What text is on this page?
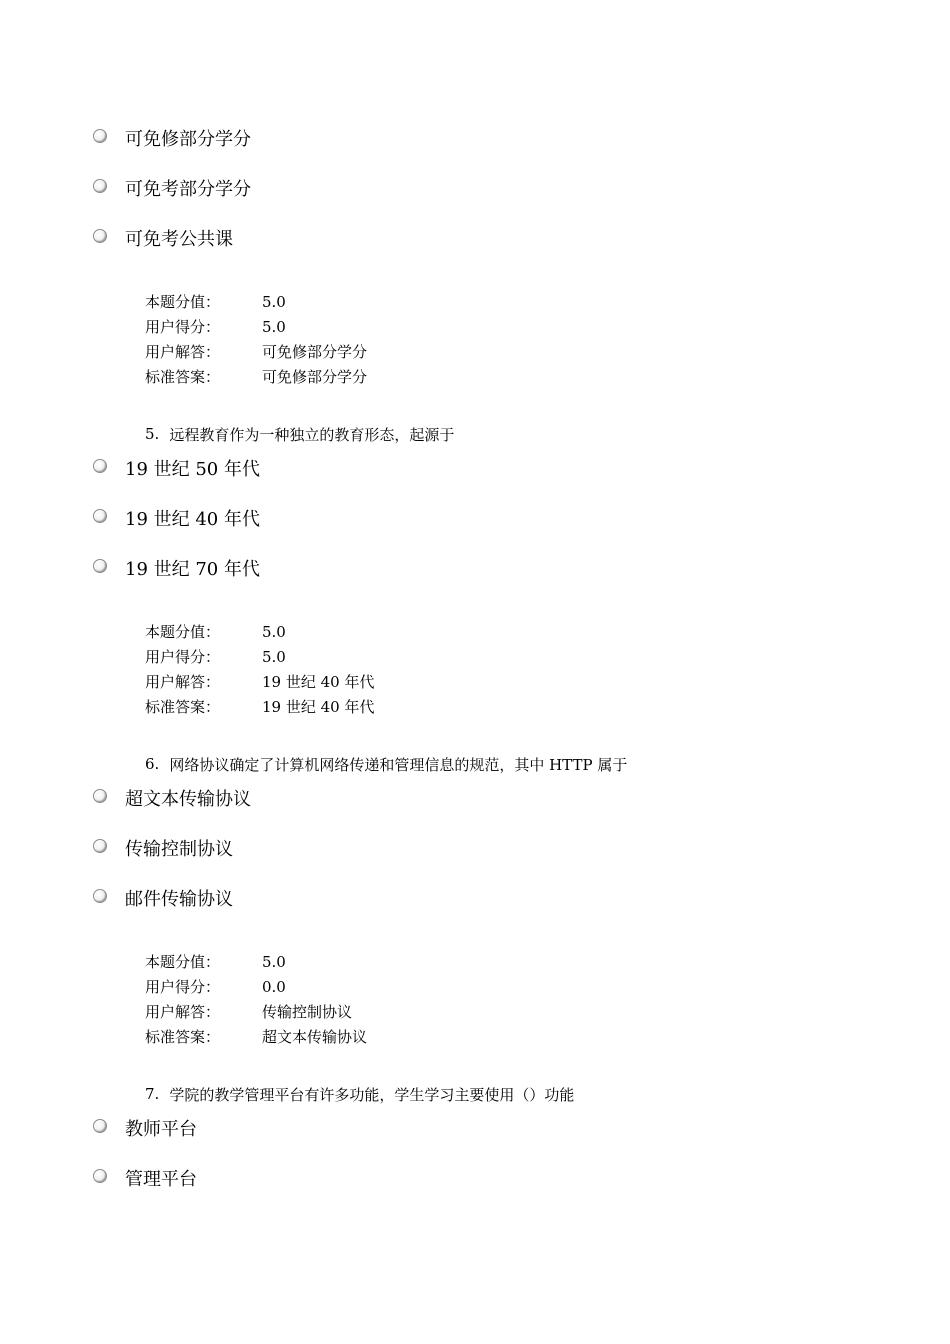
可免修部分学分
可免考部分学分
可免考公共课
本题分值：	5.0
用户得分：	5.0
用户解答：	可免修部分学分
标准答案：	可免修部分学分
5. 远程教育作为一种独立的教育形态，起源于
19 世纪 50 年代
19 世纪 40 年代
19 世纪 70 年代
本题分值：	5.0
用户得分：	5.0
用户解答：	19 世纪 40 年代
标准答案：	19 世纪 40 年代
6. 网络协议确定了计算机网络传递和管理信息的规范，其中 HTTP 属于
超文本传输协议
传输控制协议
邮件传输协议
本题分值：	5.0
用户得分：	0.0
用户解答：	传输控制协议
标准答案：	超文本传输协议
7. 学院的教学管理平台有许多功能，学生学习主要使用（）功能
教师平台
管理平台
